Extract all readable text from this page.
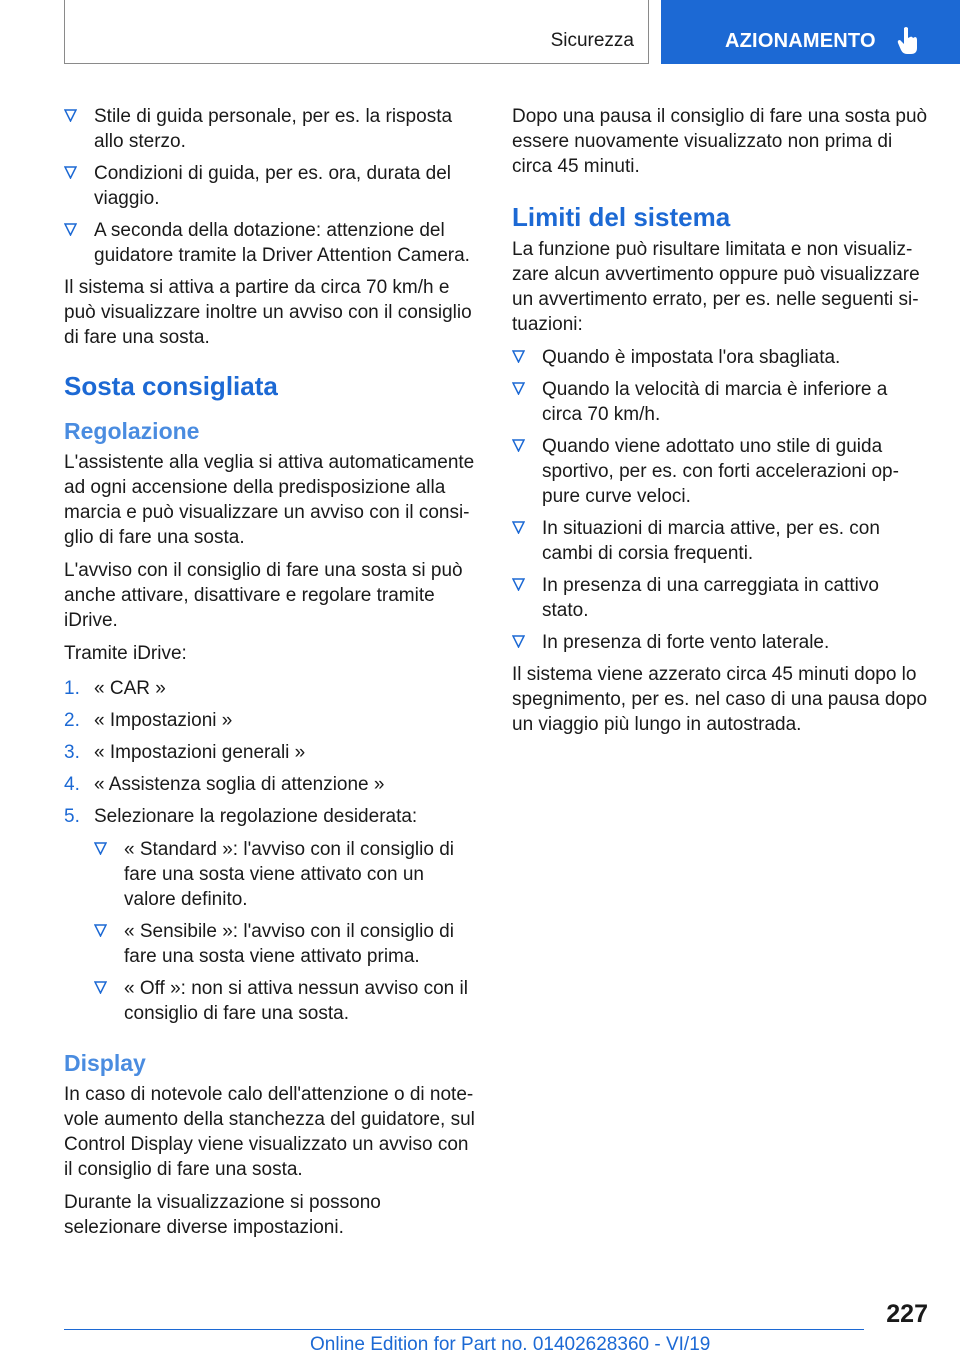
Sicurezza	AZIONAMENTO
Stile di guida personale, per es. la risposta allo sterzo.
Condizioni di guida, per es. ora, durata del viaggio.
A seconda della dotazione: attenzione del guidatore tramite la Driver Attention Camera.

Il sistema si attiva a partire da circa 70 km/h e può visualizzare inoltre un avviso con il consiglio di fare una sosta.

Sosta consigliata
Regolazione

L'assistente alla veglia si attiva automaticamente ad ogni accensione della predisposizione alla marcia e può visualizzare un avviso con il consi‐ glio di fare una sosta.

L'avviso con il consiglio di fare una sosta si può anche attivare, disattivare e regolare tramite iDrive.

Tramite iDrive:

1. « CAR »
2. « Impostazioni »
3. « Impostazioni generali »
4. « Assistenza soglia di attenzione »
5. Selezionare la regolazione desiderata:
« Standard »: l'avviso con il consiglio di fare una sosta viene attivato con un valore definito.
« Sensibile »: l'avviso con il consiglio di fare una sosta viene attivato prima.
« Off »: non si attiva nessun avviso con il consiglio di fare una sosta.
Display

In caso di notevole calo dell'attenzione o di note‐ vole aumento della stanchezza del guidatore, sul Control Display viene visualizzato un avviso con il consiglio di fare una sosta.

Durante la visualizzazione si possono selezionare diverse impostazioni.

Dopo una pausa il consiglio di fare una sosta può essere nuovamente visualizzato non prima di circa 45 minuti.

Limiti del sistema

La funzione può risultare limitata e non visualiz‐ zare alcun avvertimento oppure può visualizzare un avvertimento errato, per es. nelle seguenti si‐ tuazioni:

Quando è impostata l'ora sbagliata.
Quando la velocità di marcia è inferiore a circa 70 km/h.
Quando viene adottato uno stile di guida sportivo, per es. con forti accelerazioni op‐ pure curve veloci.
In situazioni di marcia attive, per es. con cambi di corsia frequenti.
In presenza di una carreggiata in cattivo stato.
In presenza di forte vento laterale.

Il sistema viene azzerato circa 45 minuti dopo lo spegnimento, per es. nel caso di una pausa dopo un viaggio più lungo in autostrada.

227
Online Edition for Part no. 01402628360 - VI/19
